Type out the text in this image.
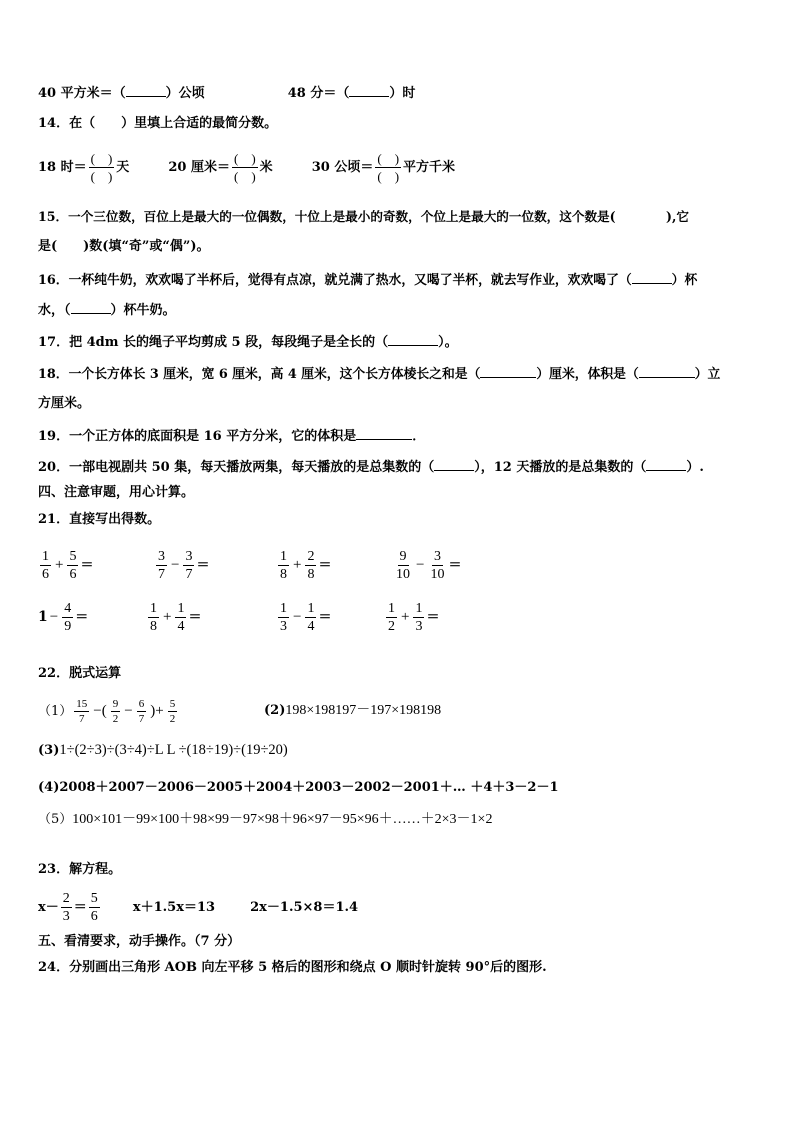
40 平方米＝（	）公顷	48 分＝（	）时
14．在（　　）里填上合适的最简分数。
18 时＝ $\frac{( )}{( )}$ 天	20 厘米＝ $\frac{( )}{( )}$ 米	30 公顷＝ $\frac{( )}{( )}$ 平方千米
15．一个三位数，百位上是最大的一位偶数，十位上是最小的奇数，个位上是最大的一位数，这个数是(　　　　),它
是(　　)数(填“奇”或“偶”)。
16．一杯纯牛奶，欢欢喝了半杯后，觉得有点凉，就兑满了热水，又喝了半杯，就去写作业，欢欢喝了（	）杯
水，（	）杯牛奶。
17．把 4dm 长的绳子平均剪成 5 段，每段绳子是全长的（	）。
18．一个长方体长 3 厘米，宽 6 厘米，高 4 厘米，这个长方体棱长之和是（	）厘米，体积是（	）立
方厘米。
19．一个正方体的底面积是 16 平方分米，它的体积是	．
20．一部电视剧共 50 集，每天播放两集，每天播放的是总集数的（	），12 天播放的是总集数的（	）.
四、注意审题，用心计算。
21．直接写出得数。
$\frac{1}{6} + \frac{5}{6}$ ＝	$\frac{3}{7} - \frac{3}{7}$ ＝	$\frac{1}{8} + \frac{2}{8}$ ＝	$\frac{9}{10} - \frac{3}{10}$ ＝
$1 - \frac{4}{9}$ ＝	$\frac{1}{8} + \frac{1}{4}$ ＝	$\frac{1}{3} - \frac{1}{4}$ ＝	$\frac{1}{2} + \frac{1}{3}$ ＝
22．脱式运算
$(1) \frac{15}{7}$ −( $\frac{9}{2} - \frac{6}{7}$ )+ $\frac{5}{2}$	(2)198×198197－197×198198
(3)1÷(2÷3)÷(3÷4)÷L L ÷(18÷19)÷(19÷20)
(4)2008＋2007－2006－2005＋2004＋2003－2002－2001＋… ＋4＋3－2－1
（5）100×101－99×100＋98×99－97×98＋96×97－95×96＋……＋2×3－1×2
23．解方程。
$x- \frac{2}{3} = \frac{5}{6}$	x＋1.5x＝13	2x－1.5×8＝1.4
五、看清要求，动手操作。（7 分）
24．分别画出三角形 AOB 向左平移 5 格后的图形和绕点 O 顺时针旋转 90°后的图形.
